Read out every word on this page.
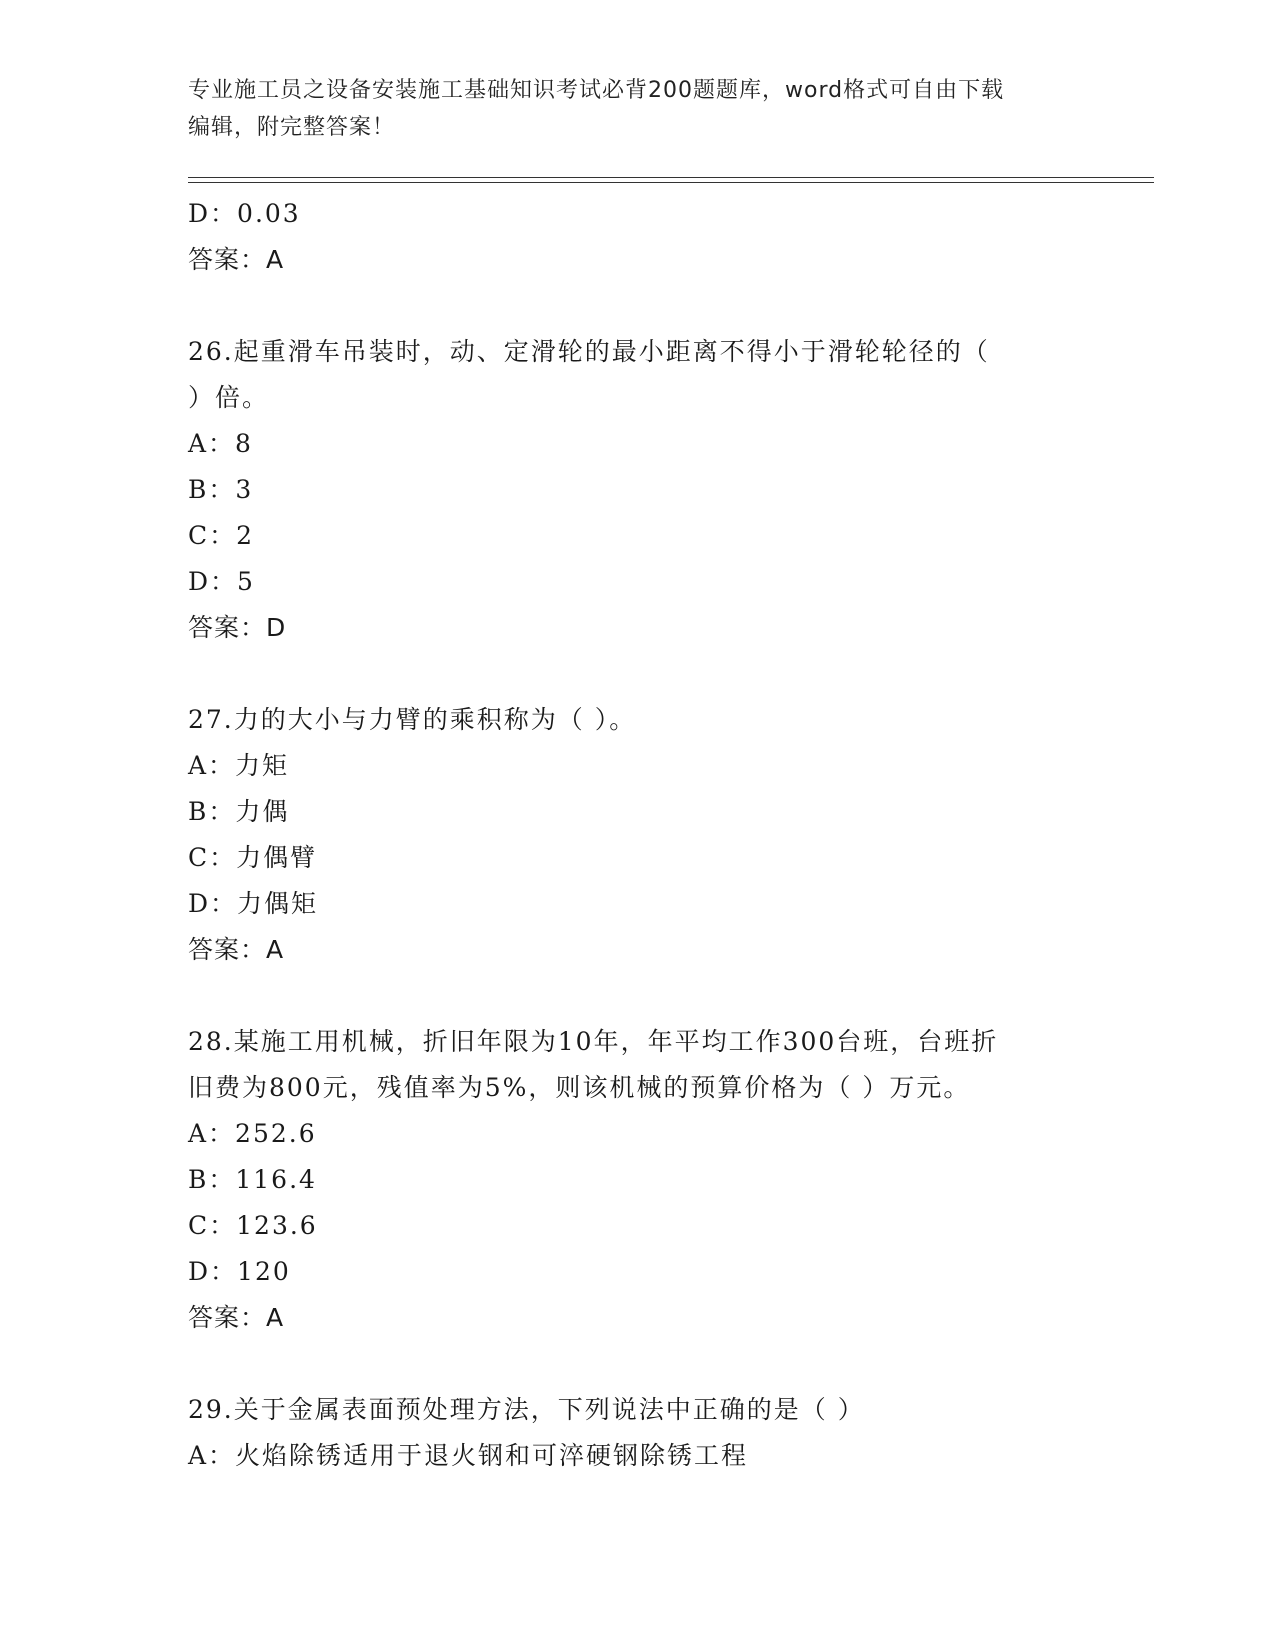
专业施工员之设备安装施工基础知识考试必背200题题库，word格式可自由下载
编辑，附完整答案！
D：0.03
答案：A
26.起重滑车吊装时，动、定滑轮的最小距离不得小于滑轮轮径的（
）倍。
A：8
B：3
C：2
D：5
答案：D
27.力的大小与力臂的乘积称为（ ）。
A：力矩
B：力偶
C：力偶臂
D：力偶矩
答案：A
28.某施工用机械，折旧年限为10年，年平均工作300台班，台班折
旧费为800元，残值率为5%，则该机械的预算价格为（ ）万元。
A：252.6
B：116.4
C：123.6
D：120
答案：A
29.关于金属表面预处理方法，下列说法中正确的是（ ）
A：火焰除锈适用于退火钢和可淬硬钢除锈工程
